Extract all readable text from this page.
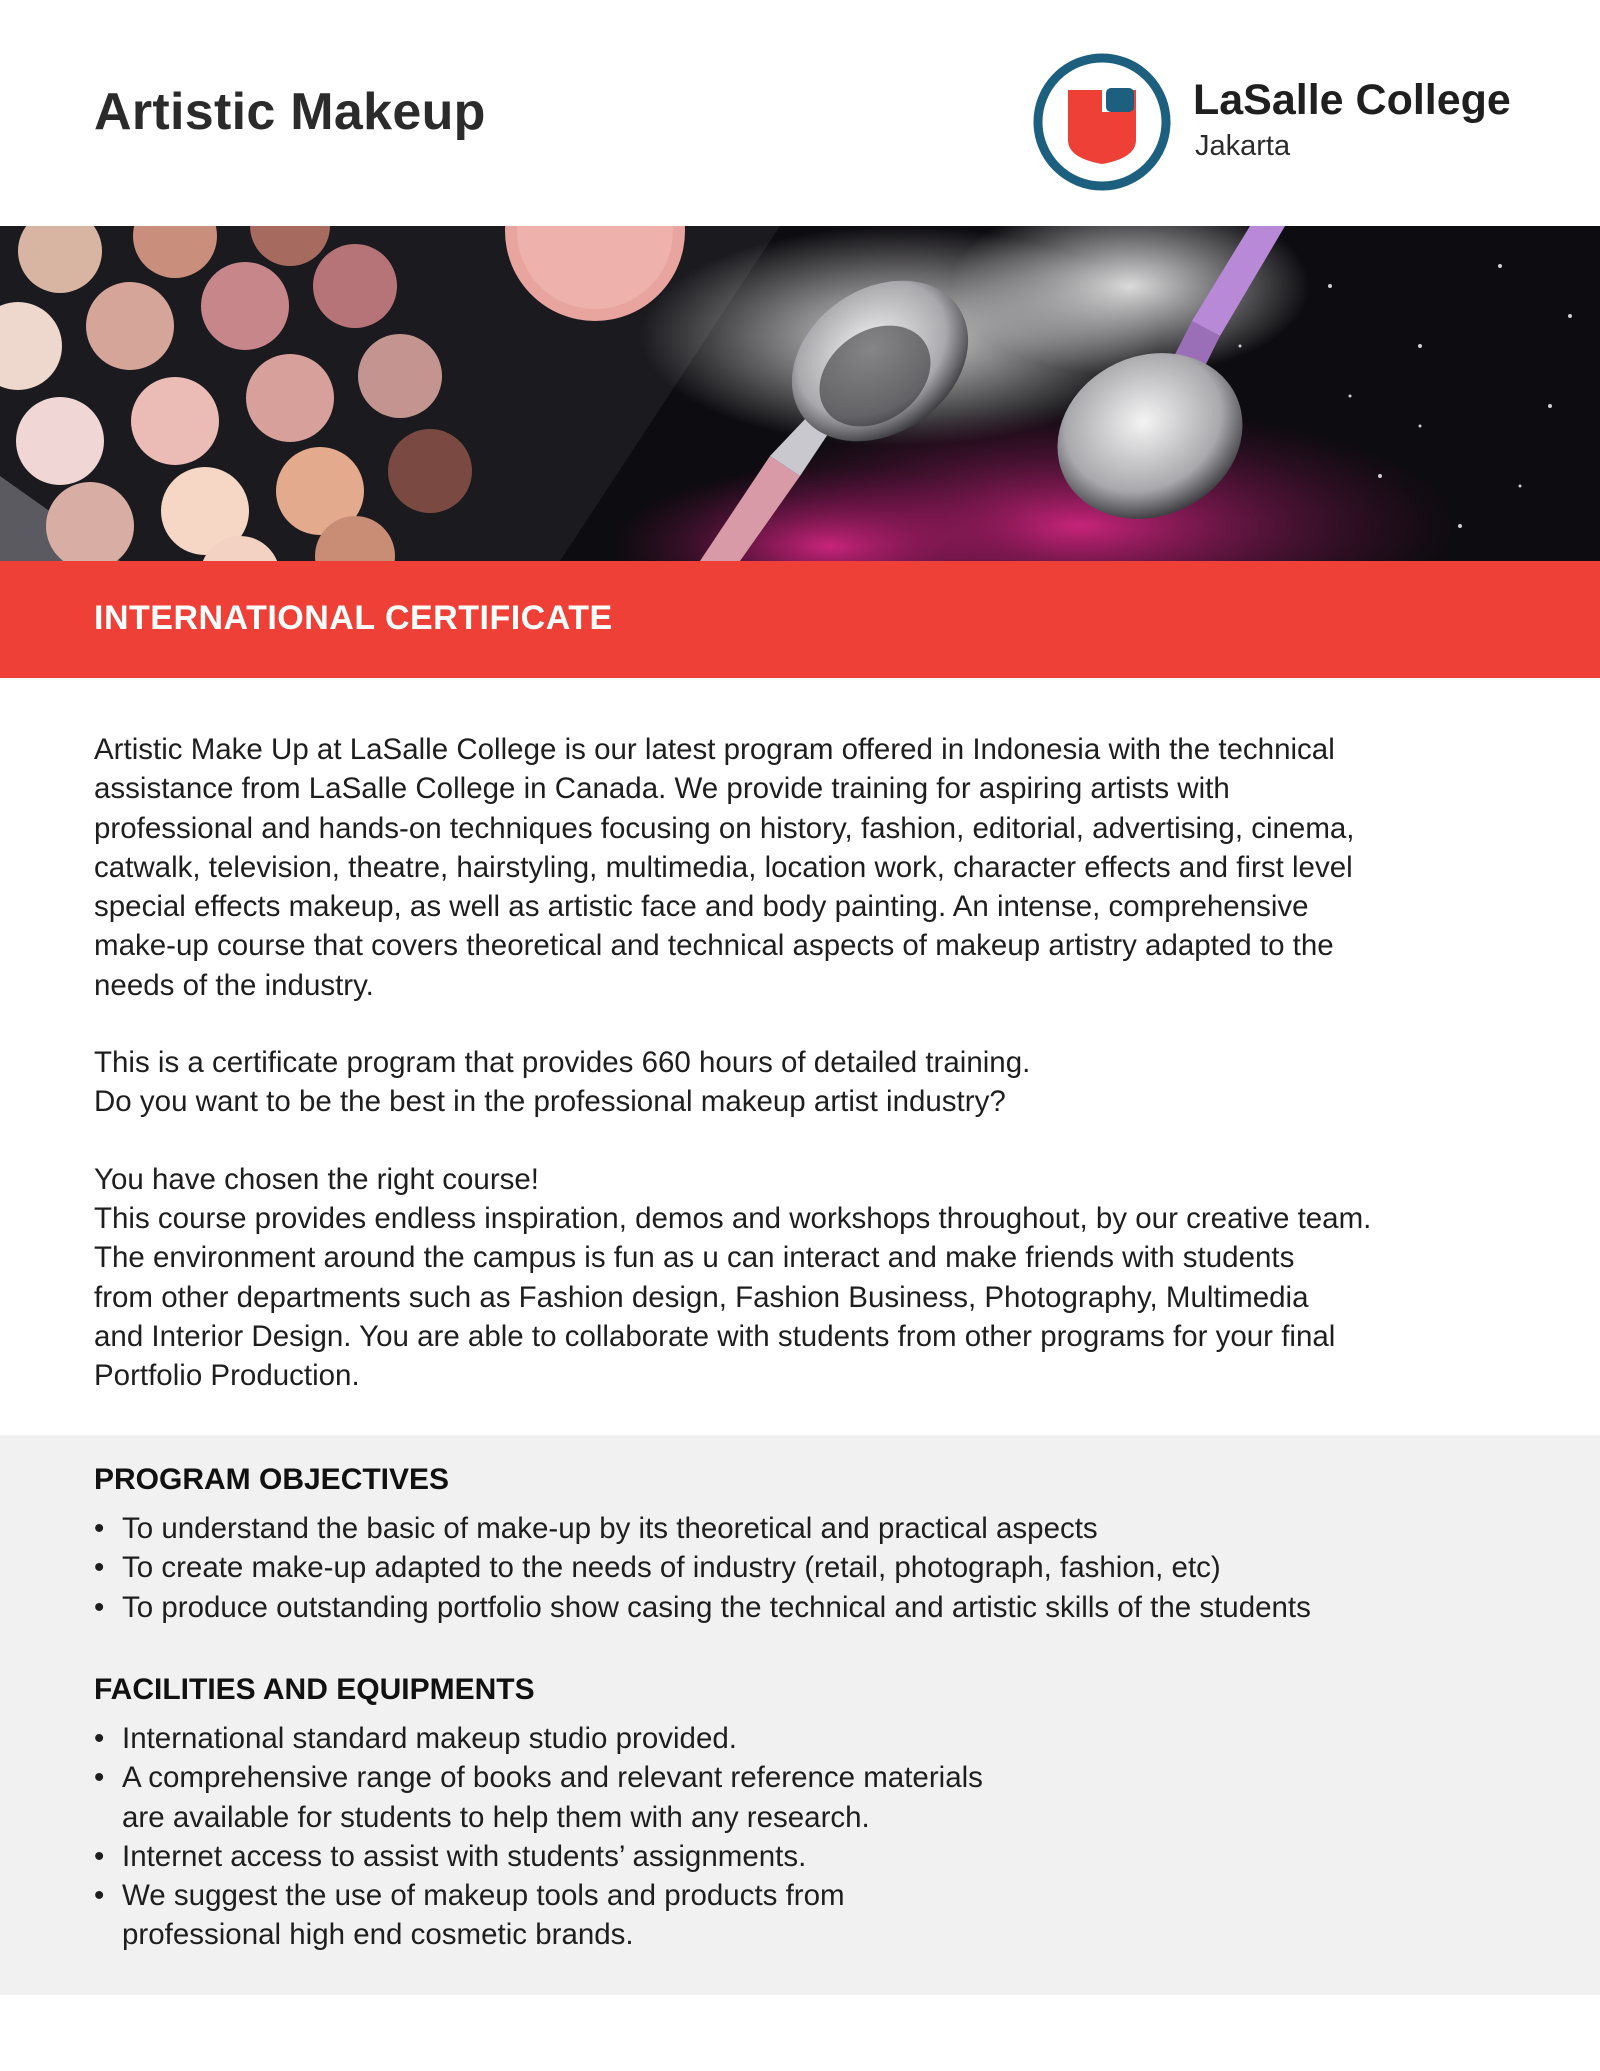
Artistic Makeup	LaSalle College

Jakarta

INTERNATIONAL CERTIFICATE

Artistic Make Up at LaSalle College is our latest program offered in Indonesia with the technical
assistance from LaSalle College in Canada. We provide training for aspiring artists with
professional and hands-on techniques focusing on history, fashion, editorial, advertising, cinema,
catwalk, television, theatre, hairstyling, multimedia, location work, character effects and first level
special effects makeup, as well as artistic face and body painting. An intense, comprehensive
make-up course that covers theoretical and technical aspects of makeup artistry adapted to the
needs of the industry.

This is a certificate program that provides 660 hours of detailed training.
Do you want to be the best in the professional makeup artist industry?

You have chosen the right course!
This course provides endless inspiration, demos and workshops throughout, by our creative team.
The environment around the campus is fun as u can interact and make friends with students
from other departments such as Fashion design, Fashion Business, Photography, Multimedia
and Interior Design. You are able to collaborate with students from other programs for your final
Portfolio Production.

PROGRAM OBJECTIVES
• To understand the basic of make-up by its theoretical and practical aspects
• To create make-up adapted to the needs of industry (retail, photograph, fashion, etc)
• To produce outstanding portfolio show casing the technical and artistic skills of the students
FACILITIES AND EQUIPMENTS
• International standard makeup studio provided.
• A comprehensive range of books and relevant reference materials
are available for students to help them with any research.
• Internet access to assist with students’ assignments.
• We suggest the use of makeup tools and products from
professional high end cosmetic brands.
